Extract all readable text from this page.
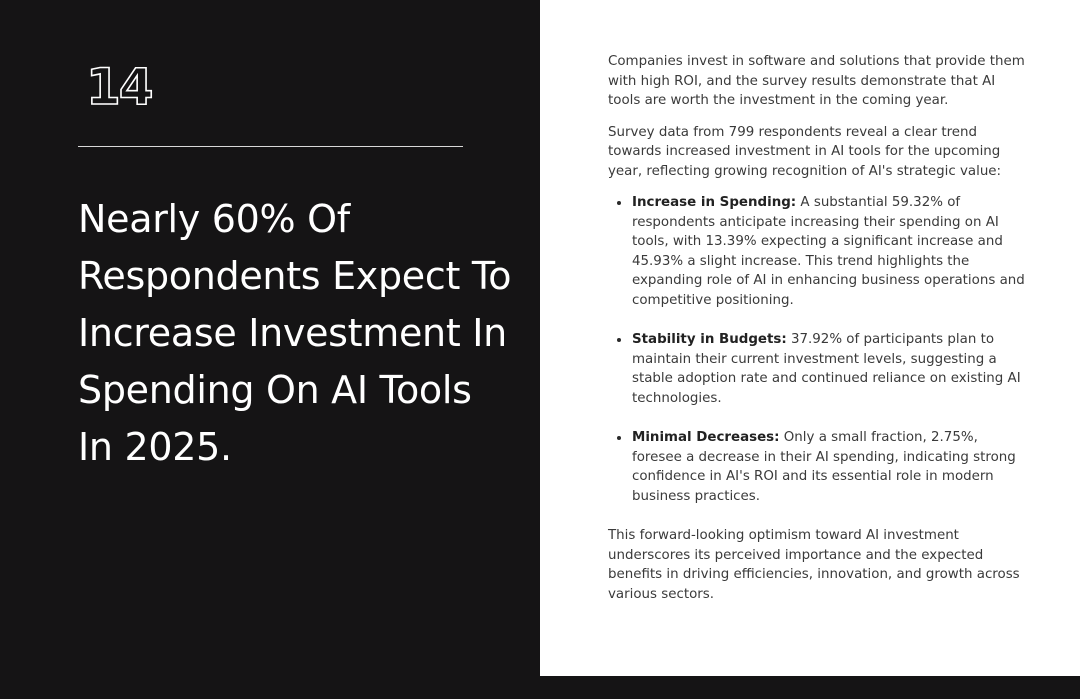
14
Nearly 60% Of Respondents Expect To Increase Investment In Spending On AI Tools In 2025.

Companies invest in software and solutions that provide them with high ROI, and the survey results demonstrate that AI tools are worth the investment in the coming year.

Survey data from 799 respondents reveal a clear trend towards increased investment in AI tools for the upcoming year, reflecting growing recognition of AI's strategic value:

Increase in Spending: A substantial 59.32% of respondents anticipate increasing their spending on AI tools, with 13.39% expecting a significant increase and 45.93% a slight increase. This trend highlights the expanding role of AI in enhancing business operations and competitive positioning.
Stability in Budgets: 37.92% of participants plan to maintain their current investment levels, suggesting a stable adoption rate and continued reliance on existing AI technologies.
Minimal Decreases: Only a small fraction, 2.75%, foresee a decrease in their AI spending, indicating strong confidence in AI's ROI and its essential role in modern business practices.

This forward-looking optimism toward AI investment underscores its perceived importance and the expected benefits in driving efficiencies, innovation, and growth across various sectors.
